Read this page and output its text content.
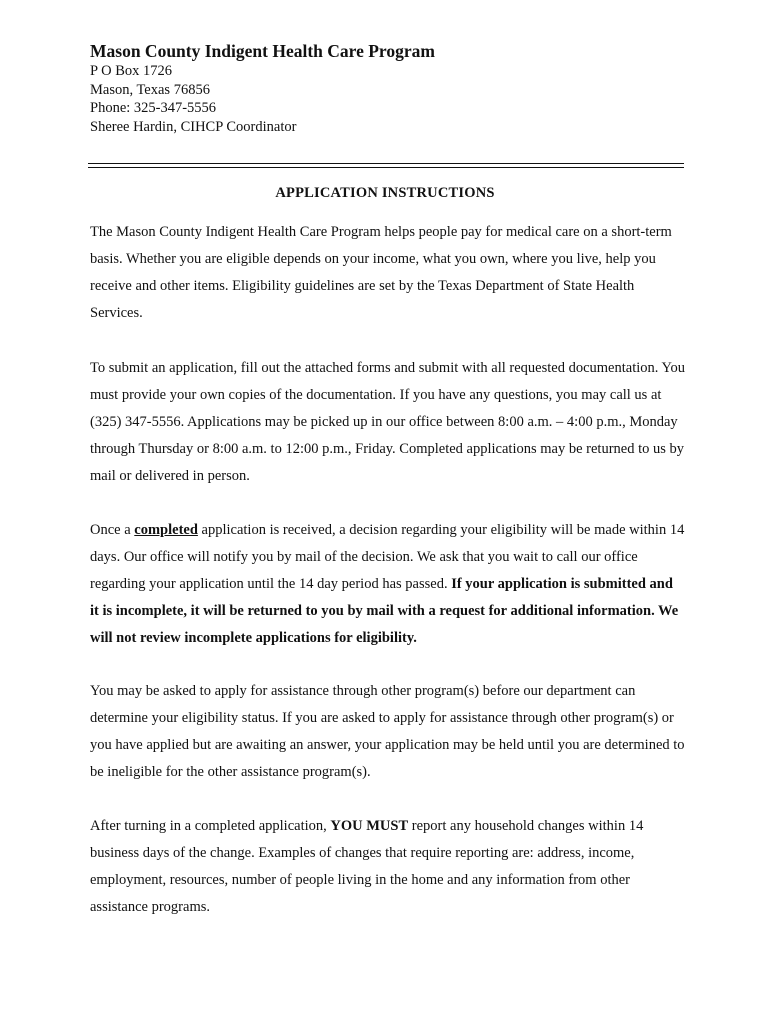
Mason County Indigent Health Care Program

P O Box 1726

Mason, Texas 76856

Phone: 325-347-5556

Sheree Hardin, CIHCP Coordinator

APPLICATION INSTRUCTIONS

The Mason County Indigent Health Care Program helps people pay for medical care on a short-term basis. Whether you are eligible depends on your income, what you own, where you live, help you receive and other items. Eligibility guidelines are set by the Texas Department of State Health Services.

To submit an application, fill out the attached forms and submit with all requested documentation. You must provide your own copies of the documentation. If you have any questions, you may call us at (325) 347-5556. Applications may be picked up in our office between 8:00 a.m. – 4:00 p.m., Monday through Thursday or 8:00 a.m. to 12:00 p.m., Friday. Completed applications may be returned to us by mail or delivered in person.

Once a completed application is received, a decision regarding your eligibility will be made within 14 days. Our office will notify you by mail of the decision. We ask that you wait to call our office regarding your application until the 14 day period has passed. If your application is submitted and it is incomplete, it will be returned to you by mail with a request for additional information. We will not review incomplete applications for eligibility.

You may be asked to apply for assistance through other program(s) before our department can determine your eligibility status. If you are asked to apply for assistance through other program(s) or you have applied but are awaiting an answer, your application may be held until you are determined to be ineligible for the other assistance program(s).

After turning in a completed application, YOU MUST report any household changes within 14 business days of the change. Examples of changes that require reporting are: address, income, employment, resources, number of people living in the home and any information from other assistance programs.
